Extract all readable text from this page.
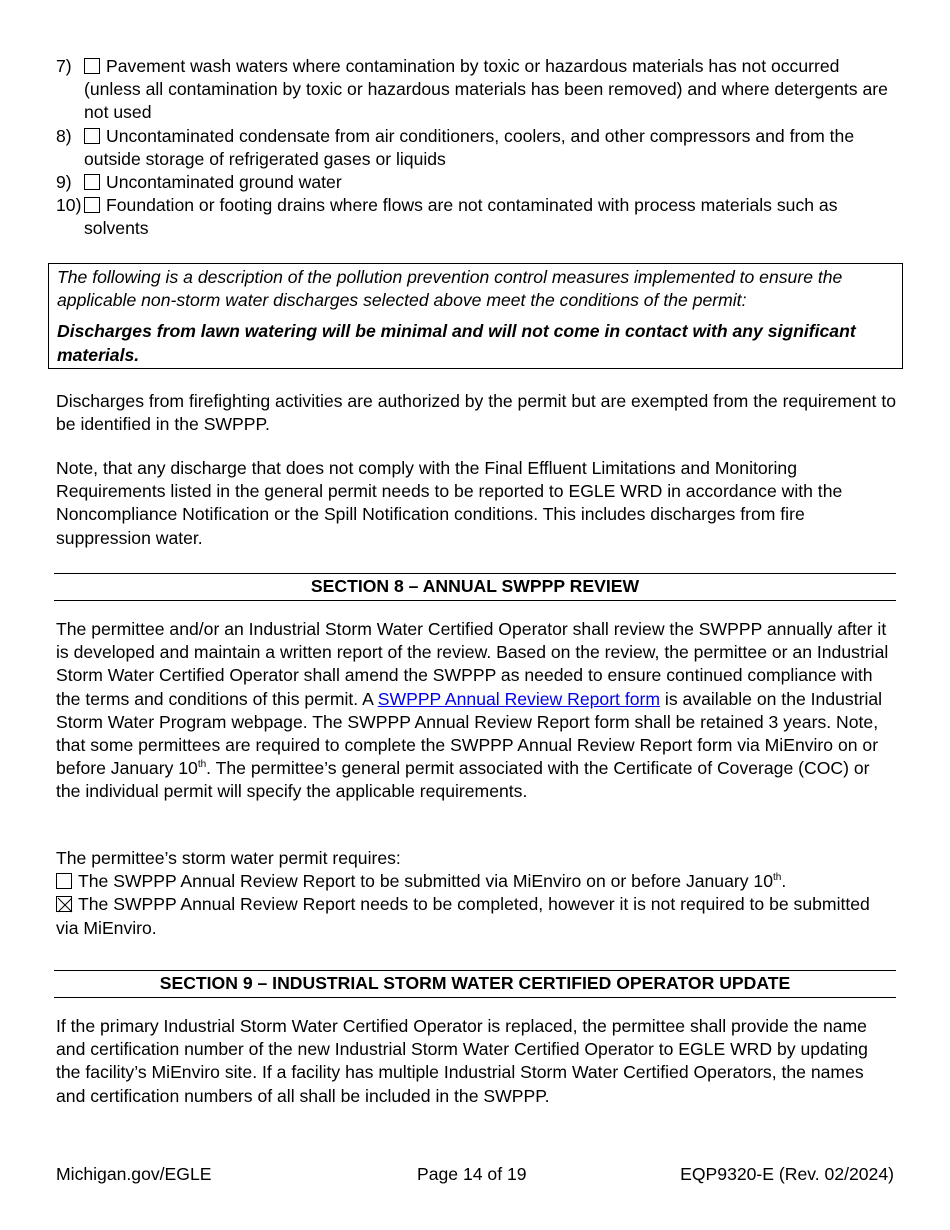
7) Pavement wash waters where contamination by toxic or hazardous materials has not occurred (unless all contamination by toxic or hazardous materials has been removed) and where detergents are not used
8) Uncontaminated condensate from air conditioners, coolers, and other compressors and from the outside storage of refrigerated gases or liquids
9) Uncontaminated ground water
10) Foundation or footing drains where flows are not contaminated with process materials such as solvents

The following is a description of the pollution prevention control measures implemented to ensure the applicable non-storm water discharges selected above meet the conditions of the permit:

Discharges from lawn watering will be minimal and will not come in contact with any significant materials.

Discharges from firefighting activities are authorized by the permit but are exempted from the requirement to be identified in the SWPPP.
Note, that any discharge that does not comply with the Final Effluent Limitations and Monitoring Requirements listed in the general permit needs to be reported to EGLE WRD in accordance with the Noncompliance Notification or the Spill Notification conditions. This includes discharges from fire suppression water.
SECTION 8 – ANNUAL SWPPP REVIEW
The permittee and/or an Industrial Storm Water Certified Operator shall review the SWPPP annually after it is developed and maintain a written report of the review. Based on the review, the permittee or an Industrial Storm Water Certified Operator shall amend the SWPPP as needed to ensure continued compliance with the terms and conditions of this permit. A SWPPP Annual Review Report form is available on the Industrial Storm Water Program webpage. The SWPPP Annual Review Report form shall be retained 3 years. Note, that some permittees are required to complete the SWPPP Annual Review Report form via MiEnviro on or before January 10th. The permittee’s general permit associated with the Certificate of Coverage (COC) or the individual permit will specify the applicable requirements.
The permittee’s storm water permit requires:
The SWPPP Annual Review Report to be submitted via MiEnviro on or before January 10th.
The SWPPP Annual Review Report needs to be completed, however it is not required to be submitted via MiEnviro.
SECTION 9 – INDUSTRIAL STORM WATER CERTIFIED OPERATOR UPDATE
If the primary Industrial Storm Water Certified Operator is replaced, the permittee shall provide the name and certification number of the new Industrial Storm Water Certified Operator to EGLE WRD by updating the facility’s MiEnviro site. If a facility has multiple Industrial Storm Water Certified Operators, the names and certification numbers of all shall be included in the SWPPP.
Michigan.gov/EGLE	Page 14 of 19	EQP9320-E (Rev. 02/2024)
